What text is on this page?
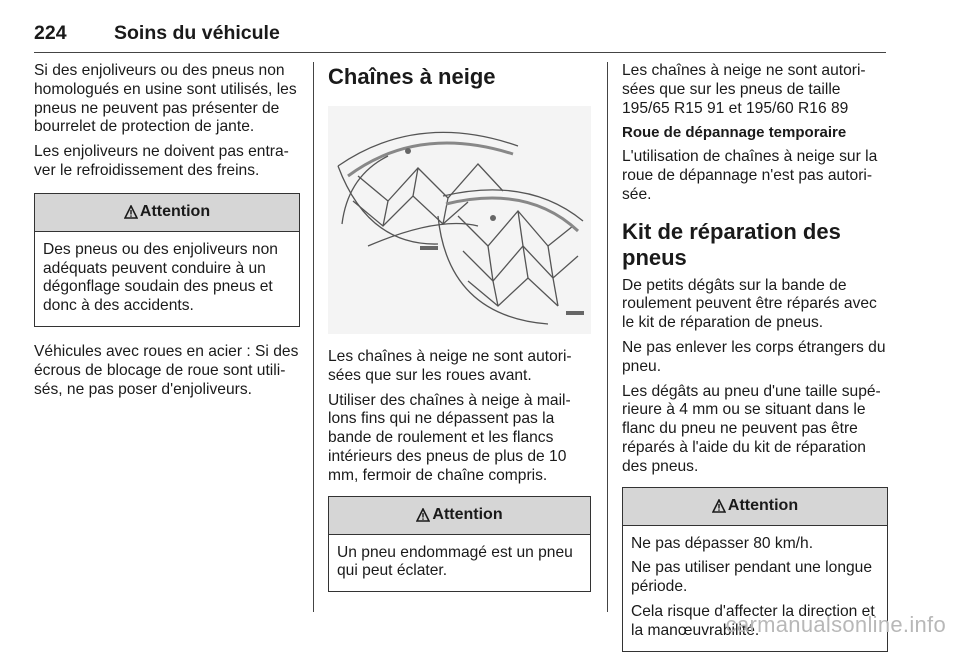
224	Soins du véhicule

Si des enjoliveurs ou des pneus non homologués en usine sont utilisés, les pneus ne peuvent pas présenter de bourrelet de protection de jante.

Les enjoliveurs ne doivent pas entra‐ ver le refroidissement des freins.

Attention

Des pneus ou des enjoliveurs non adéquats peuvent conduire à un dégonflage soudain des pneus et donc à des accidents.

Véhicules avec roues en acier : Si des écrous de blocage de roue sont utili‐ sés, ne pas poser d'enjoliveurs.

Chaînes à neige

Les chaînes à neige ne sont autori‐ sées que sur les roues avant.

Utiliser des chaînes à neige à mail‐ lons fins qui ne dépassent pas la bande de roulement et les flancs intérieurs des pneus de plus de 10 mm, fermoir de chaîne compris.

Attention

Un pneu endommagé est un pneu qui peut éclater.

Les chaînes à neige ne sont autori‐ sées que sur les pneus de taille 195/65 R15 91 et 195/60 R16 89

Roue de dépannage temporaire

L'utilisation de chaînes à neige sur la roue de dépannage n'est pas autori‐ sée.

Kit de réparation des pneus

De petits dégâts sur la bande de roulement peuvent être réparés avec le kit de réparation de pneus.

Ne pas enlever les corps étrangers du pneu.

Les dégâts au pneu d'une taille supé‐ rieure à 4 mm ou se situant dans le flanc du pneu ne peuvent pas être réparés à l'aide du kit de réparation des pneus.

Attention

Ne pas dépasser 80 km/h.

Ne pas utiliser pendant une longue période.

Cela risque d'affecter la direction et la manœuvrabilité.

carmanualsonline.info
